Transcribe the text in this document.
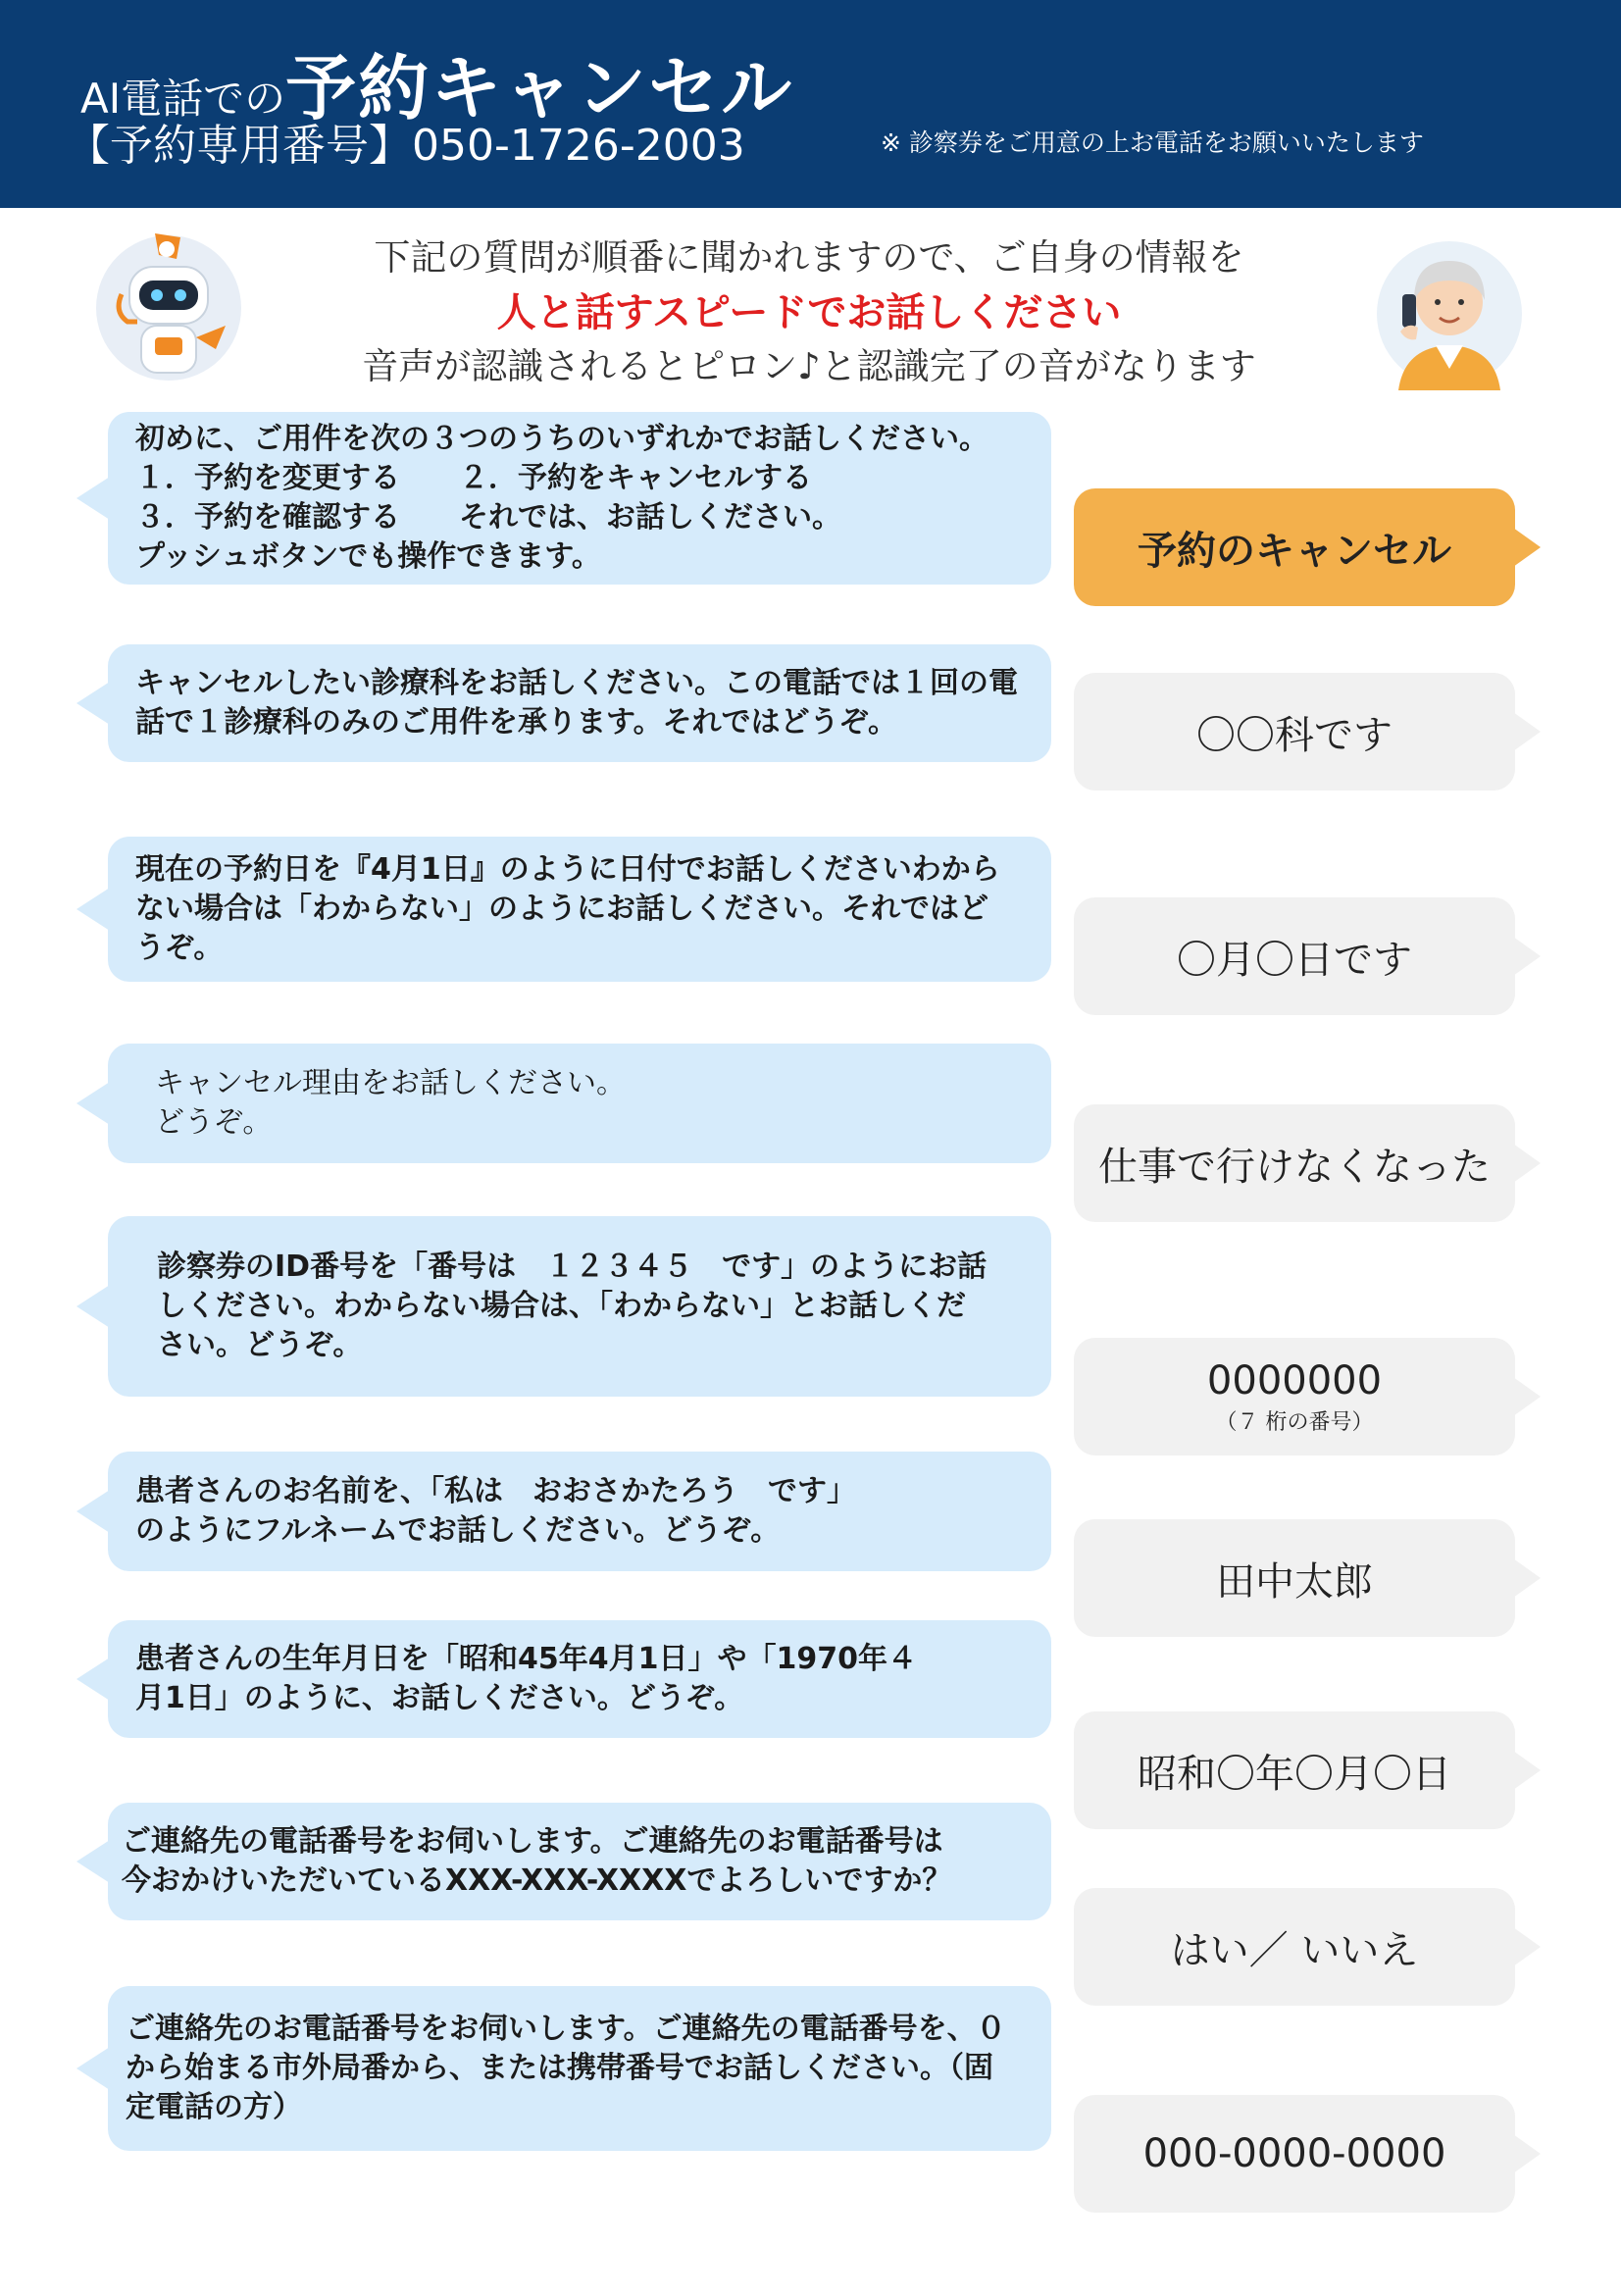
AI電話での予約キャンセル
【予約専用番号】050-1726-2003	※ 診察券をご用意の上お電話をお願いいたします
下記の質問が順番に聞かれますので、ご自身の情報を
人と話すスピードでお話しください
音声が認識されるとピロン♪と認識完了の音がなります
初めに、ご用件を次の３つのうちのいずれかでお話しください。
１．予約を変更する　　２．予約をキャンセルする
３．予約を確認する　　それでは、お話しください。
プッシュボタンでも操作できます。	予約のキャンセル
キャンセルしたい診療科をお話しください。この電話では１回の電
話で１診療科のみのご用件を承ります。それではどうぞ。	〇〇科です
現在の予約日を『4月1日』のように日付でお話しくださいわから
ない場合は「わからない」のようにお話しください。それではど
うぞ。	〇月〇日です
キャンセル理由をお話しください。
どうぞ。
仕事で行けなくなった
診察券のID番号を「番号は　１２３４５　です」のようにお話
しください。わからない場合は、「わからない」とお話しくだ
さい。どうぞ。
0000000
（７ 桁の番号）
患者さんのお名前を、「私は　おおさかたろう　です」
のようにフルネームでお話しください。どうぞ。
田中太郎
患者さんの生年月日を「昭和45年4月1日」や「1970年４
月1日」のように、お話しください。どうぞ。
昭和〇年〇月〇日
ご連絡先の電話番号をお伺いします。ご連絡先のお電話番号は
今おかけいただいているXXX-XXX-XXXXでよろしいですか？
はい／ いいえ
ご連絡先のお電話番号をお伺いします。ご連絡先の電話番号を、０
から始まる市外局番から、または携帯番号でお話しください。（固
定電話の方）
000-0000-0000
